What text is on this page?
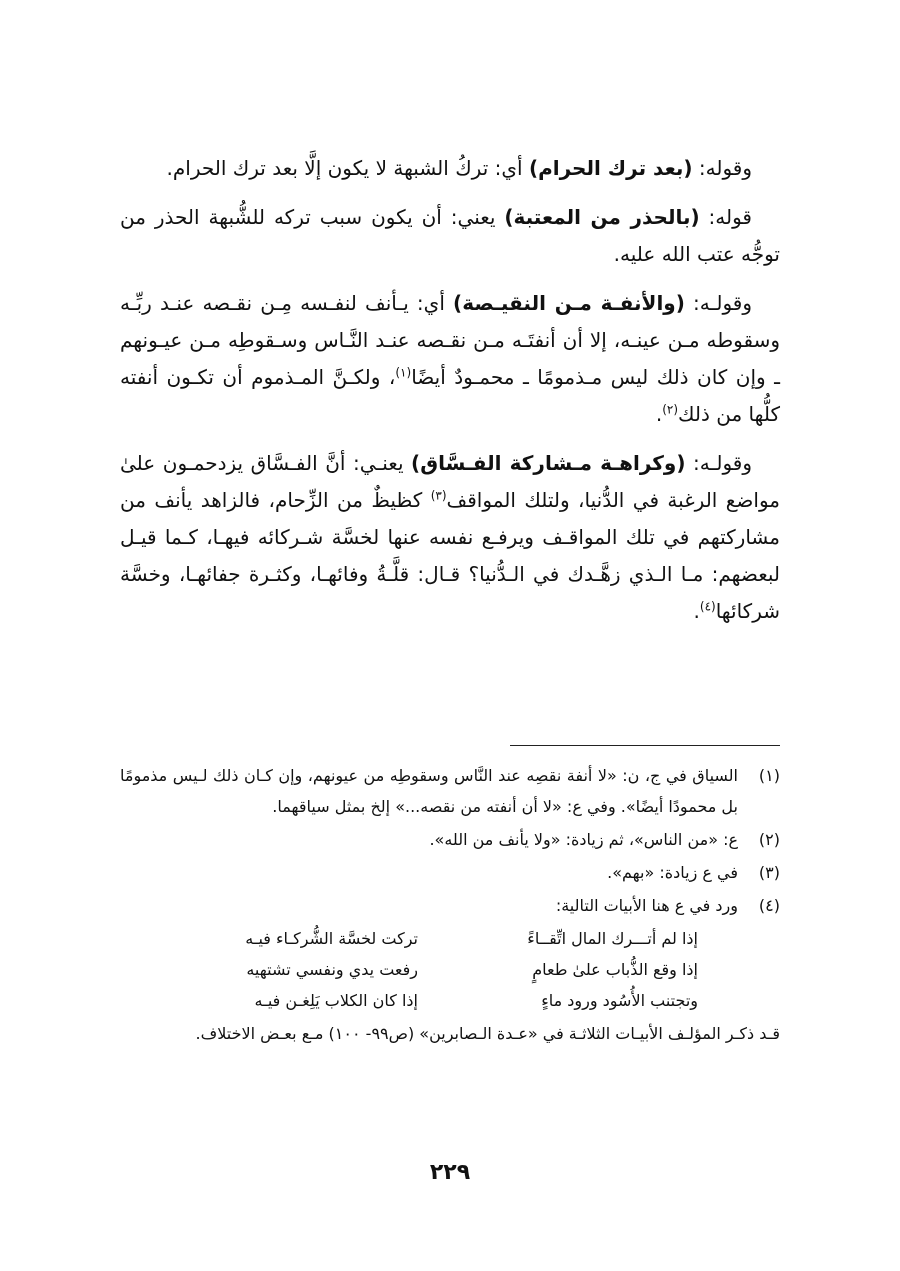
وقوله: (بعد ترك الحرام) أي: تركُ الشبهة لا يكون إلَّا بعد ترك الحرام.

قوله: (بالحذر من المعتبة) يعني: أن يكون سبب تركه للشُّبهة الحذر من توجُّه عتب الله عليه.

وقولـه: (والأنفـة مـن النقيـصة) أي: يـأنف لنفـسه مِـن نقـصه عنـد ربِّـه وسقوطه مـن عينـه، إلا أن أنفتَـه مـن نقـصه عنـد النَّـاس وسـقوطِه مـن عيـونهم ـ وإن كان ذلك ليس مـذمومًا ـ محمـودٌ أيضًا$^{(١)}$، ولكـنَّ المـذموم أن تكـون أنفته كلُّها من ذلك$^{(٢)}$.

وقولـه: (وكراهـة مـشاركة الفـسَّاق) يعنـي: أنَّ الفـسَّاق يزدحمـون علىٰ مواضع الرغبة في الدُّنيا، ولتلك المواقف$^{(٣)}$ كظيظٌ من الزِّحام، فالزاهد يأنف من مشاركتهم في تلك المواقـف ويرفـع نفسه عنها لخسَّة شـركائه فيهـا، كـما قيـل لبعضهم: مـا الـذي زهَّـدك في الـدُّنيا؟ قـال: قلَّـةُ وفائهـا، وكثـرة جفائهـا، وخسَّة شركائها$^{(٤)}$.

(١)
السياق في ج، ن: «لا أنفة نقصِه عند النَّاس وسقوطِه من عيونهم، وإن كـان ذلك لـيس مذمومًا بل محمودًا أيضًا». وفي ع: «لا أن أنفته من نقصه...» إلخ بمثل سياقهما.
(٢)
ع: «من الناس»، ثم زيادة: «ولا يأنف من الله».
(٣)
في ع زيادة: «بهم».
(٤)
ورد في ع هنا الأبيات التالية:
إذا لم أتـــرك المال اتِّقــاءً
تركت لخسَّة الشُّركـاء فيـه
إذا وقع الذُّباب علىٰ طعامٍ
رفعت يدي ونفسي تشتهيه
وتجتنب الأُسُود ورود ماءٍ
إذا كان الكلاب يَلِغـن فيـه
قـد ذكـر المؤلـف الأبيـات الثلاثـة في «عـدة الـصابرين» (ص٩٩- ١٠٠) مـع بعـض الاختلاف.
٢٢٩
